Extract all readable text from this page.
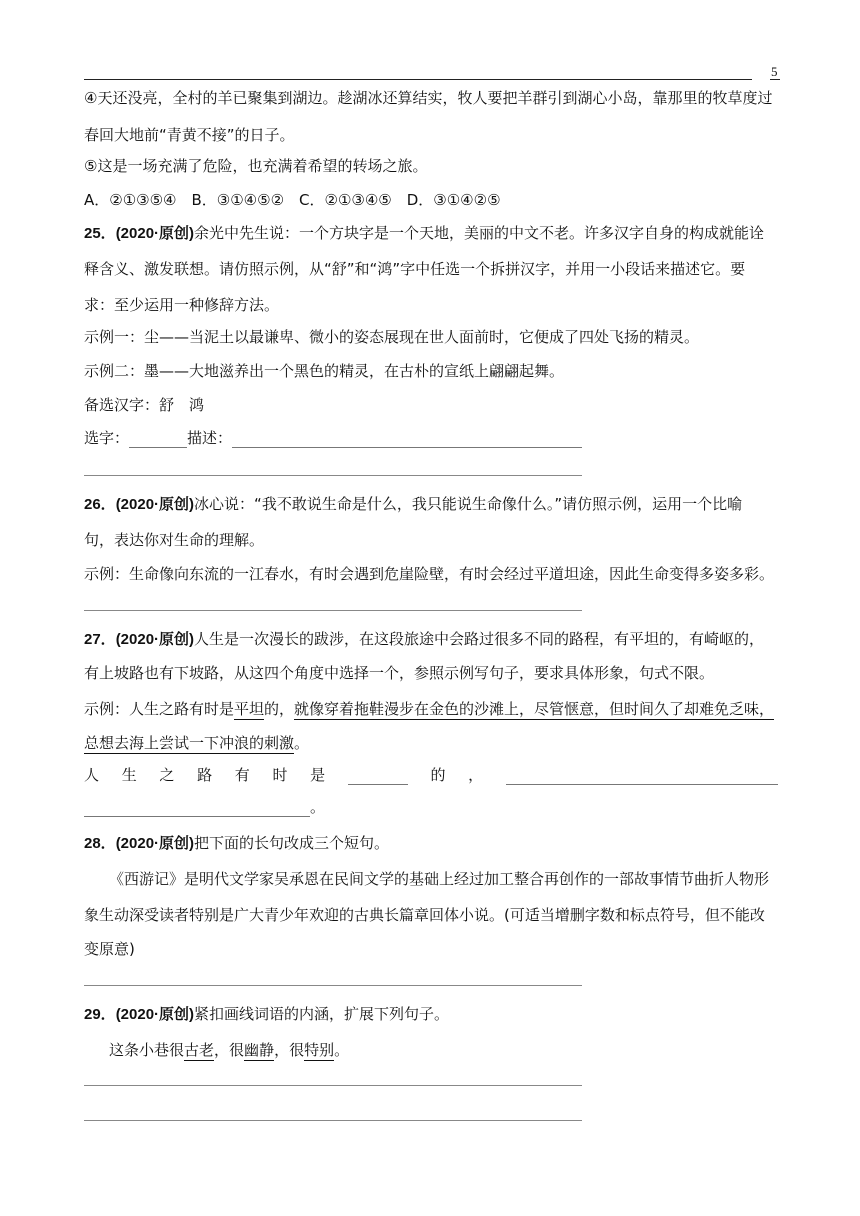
5
④天还没亮，全村的羊已聚集到湖边。趁湖冰还算结实，牧人要把羊群引到湖心小岛，靠那里的牧草度过
春回大地前“青黄不接”的日子。
⑤这是一场充满了危险，也充满着希望的转场之旅。
A．②①③⑤④　B．③①④⑤②　C．②①③④⑤　D．③①④②⑤
25．(2020·原创)余光中先生说：一个方块字是一个天地，美丽的中文不老。许多汉字自身的构成就能诠
释含义、激发联想。请仿照示例，从“舒”和“鸿”字中任选一个拆拼汉字，并用一小段话来描述它。要
求：至少运用一种修辞方法。
示例一：尘——当泥土以最谦卑、微小的姿态展现在世人面前时，它便成了四处飞扬的精灵。
示例二：墨——大地滋养出一个黑色的精灵，在古朴的宣纸上翩翩起舞。
备选汉字：舒　鸿
选字：	描述：
26．(2020·原创)冰心说：“我不敢说生命是什么，我只能说生命像什么。”请仿照示例，运用一个比喻
句，表达你对生命的理解。
示例：生命像向东流的一江春水，有时会遇到危崖险壁，有时会经过平道坦途，因此生命变得多姿多彩。
27．(2020·原创)人生是一次漫长的跋涉，在这段旅途中会路过很多不同的路程，有平坦的，有崎岖的，
有上坡路也有下坡路，从这四个角度中选择一个，参照示例写句子，要求具体形象，句式不限。
示例：人生之路有时是平坦的，就像穿着拖鞋漫步在金色的沙滩上，尽管惬意，但时间久了却难免乏味，
总想去海上尝试一下冲浪的刺激。
人 生 之 路 有 时 是	的 ，
。
28．(2020·原创)把下面的长句改成三个短句。
《西游记》是明代文学家吴承恩在民间文学的基础上经过加工整合再创作的一部故事情节曲折人物形
象生动深受读者特别是广大青少年欢迎的古典长篇章回体小说。(可适当增删字数和标点符号，但不能改
变原意)
29．(2020·原创)紧扣画线词语的内涵，扩展下列句子。
这条小巷很古老，很幽静，很特别。
